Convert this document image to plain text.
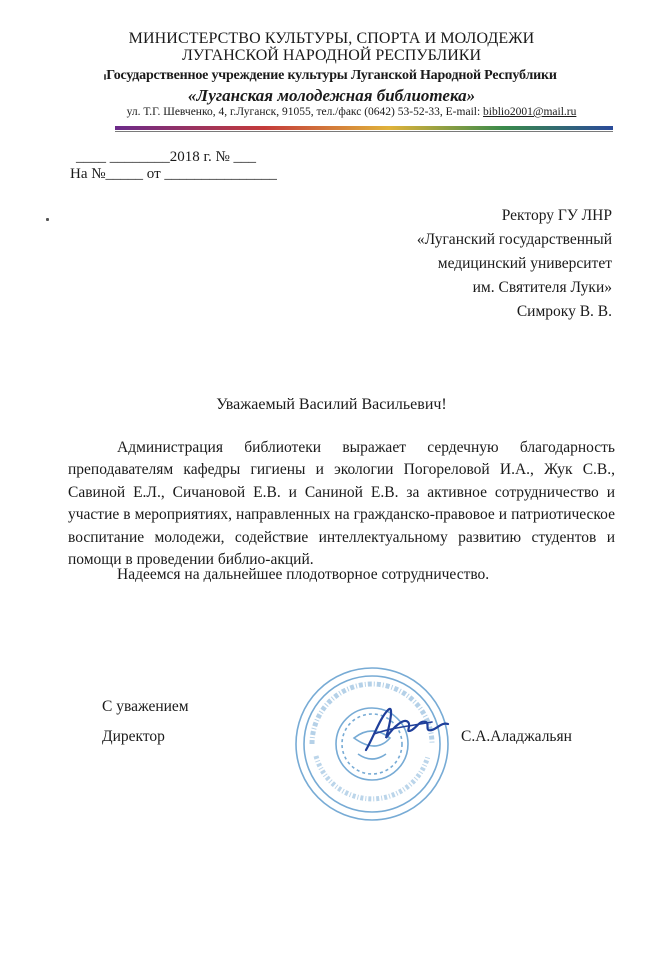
МИНИСТЕРСТВО КУЛЬТУРЫ, СПОРТА И МОЛОДЕЖИ
ЛУГАНСКОЙ НАРОДНОЙ РЕСПУБЛИКИ
Государственное учреждение культуры Луганской Народной Республики
«Луганская молодежная библиотека»
ул. Т.Г. Шевченко, 4, г.Луганск, 91055, тел./факс (0642) 53-52-33, E-mail: biblio2001@mail.ru
____ ________2018 г. № ___
На №_____ от _______________
Ректору ГУ ЛНР
«Луганский государственный
медицинский университет
им. Святителя Луки»
Симроку В. В.
Уважаемый Василий Васильевич!
Администрация библиотеки выражает сердечную благодарность преподавателям кафедры гигиены и экологии Погореловой И.А., Жук С.В., Савиной Е.Л., Сичановой Е.В. и Саниной Е.В. за активное сотрудничество и участие в мероприятиях, направленных на гражданско-правовое и патриотическое воспитание молодежи, содействие интеллектуальному развитию студентов и помощи в проведении библио-акций.
Надеемся на дальнейшее плодотворное сотрудничество.
С уважением
Директор	С.А.Аладжальян
